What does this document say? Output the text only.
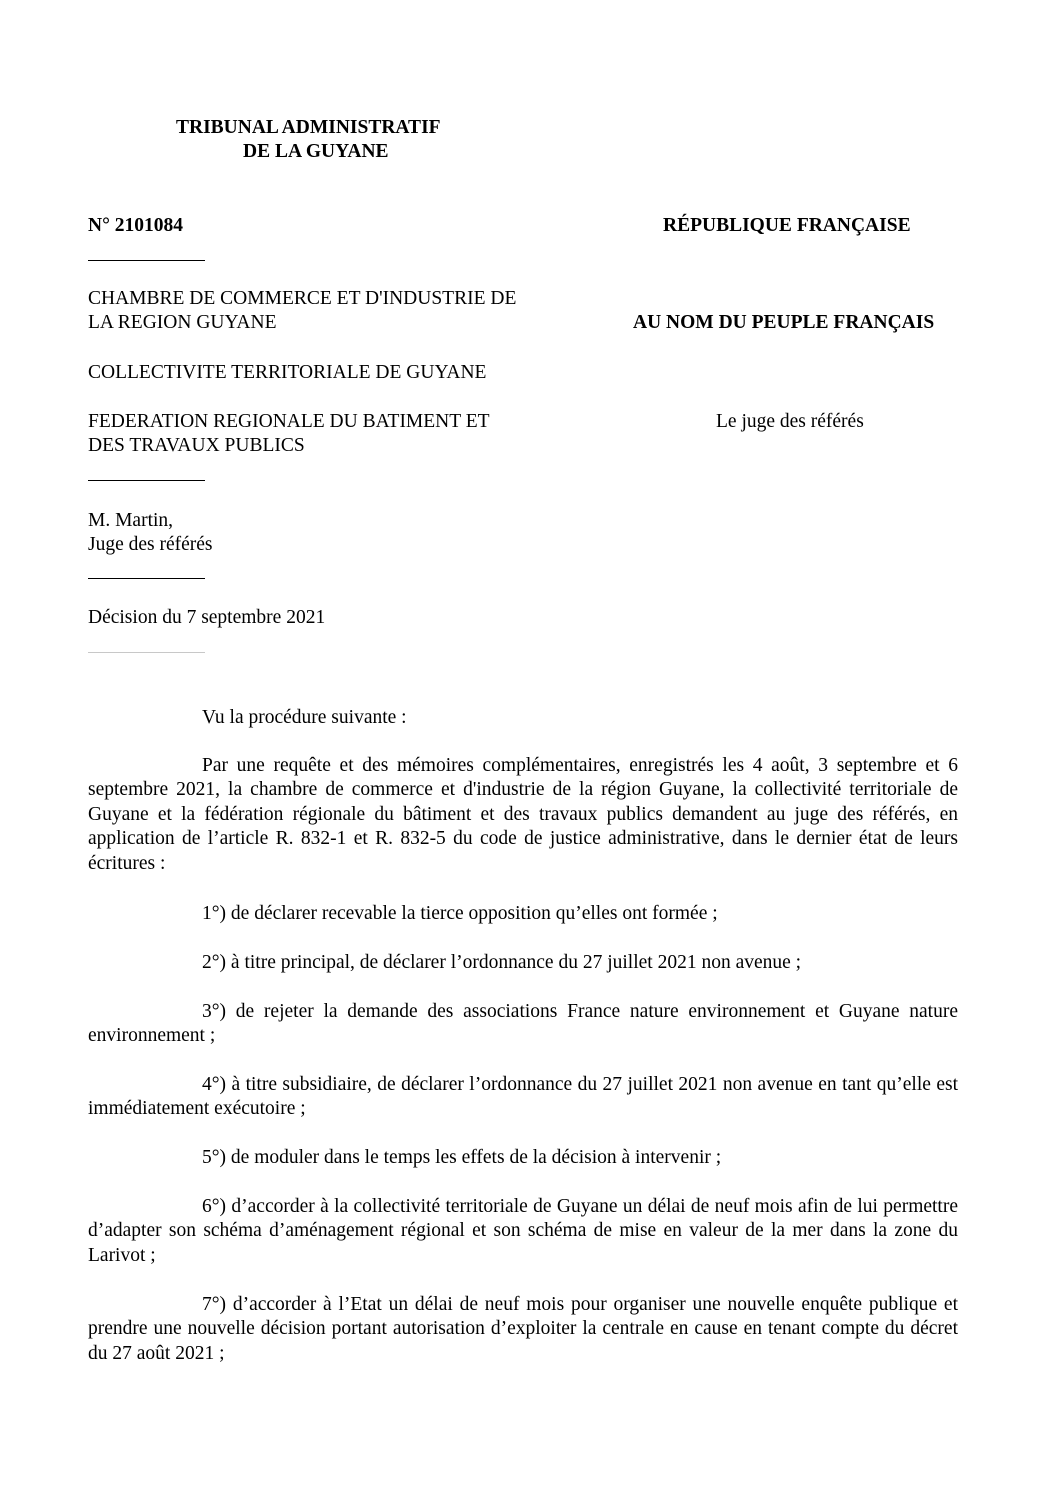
TRIBUNAL ADMINISTRATIF
DE LA GUYANE
N° 2101084	RÉPUBLIQUE FRANÇAISE
CHAMBRE DE COMMERCE ET D'INDUSTRIE DE
LA REGION GUYANE	AU NOM DU PEUPLE FRANÇAIS
COLLECTIVITE TERRITORIALE DE GUYANE
FEDERATION REGIONALE DU BATIMENT ET
DES TRAVAUX PUBLICS
Le juge des référés
M. Martin,
Juge des référés
Décision du 7 septembre 2021
Vu la procédure suivante :

Par une requête et des mémoires complémentaires, enregistrés les 4 août, 3 septembre et 6 septembre 2021, la chambre de commerce et d'industrie de la région Guyane, la collectivité territoriale de Guyane et la fédération régionale du bâtiment et des travaux publics demandent au juge des référés, en application de l’article R. 832-1 et R. 832-5 du code de justice administrative, dans le dernier état de leurs écritures :

1°) de déclarer recevable la tierce opposition qu’elles ont formée ;

2°) à titre principal, de déclarer l’ordonnance du 27 juillet 2021 non avenue ;

3°) de rejeter la demande des associations France nature environnement et Guyane nature environnement ;

4°) à titre subsidiaire, de déclarer l’ordonnance du 27 juillet 2021 non avenue en tant qu’elle est immédiatement exécutoire ;

5°) de moduler dans le temps les effets de la décision à intervenir ;

6°) d’accorder à la collectivité territoriale de Guyane un délai de neuf mois afin de lui permettre d’adapter son schéma d’aménagement régional et son schéma de mise en valeur de la mer dans la zone du Larivot ;

7°) d’accorder à l’Etat un délai de neuf mois pour organiser une nouvelle enquête publique et prendre une nouvelle décision portant autorisation d’exploiter la centrale en cause en tenant compte du décret du 27 août 2021 ;
